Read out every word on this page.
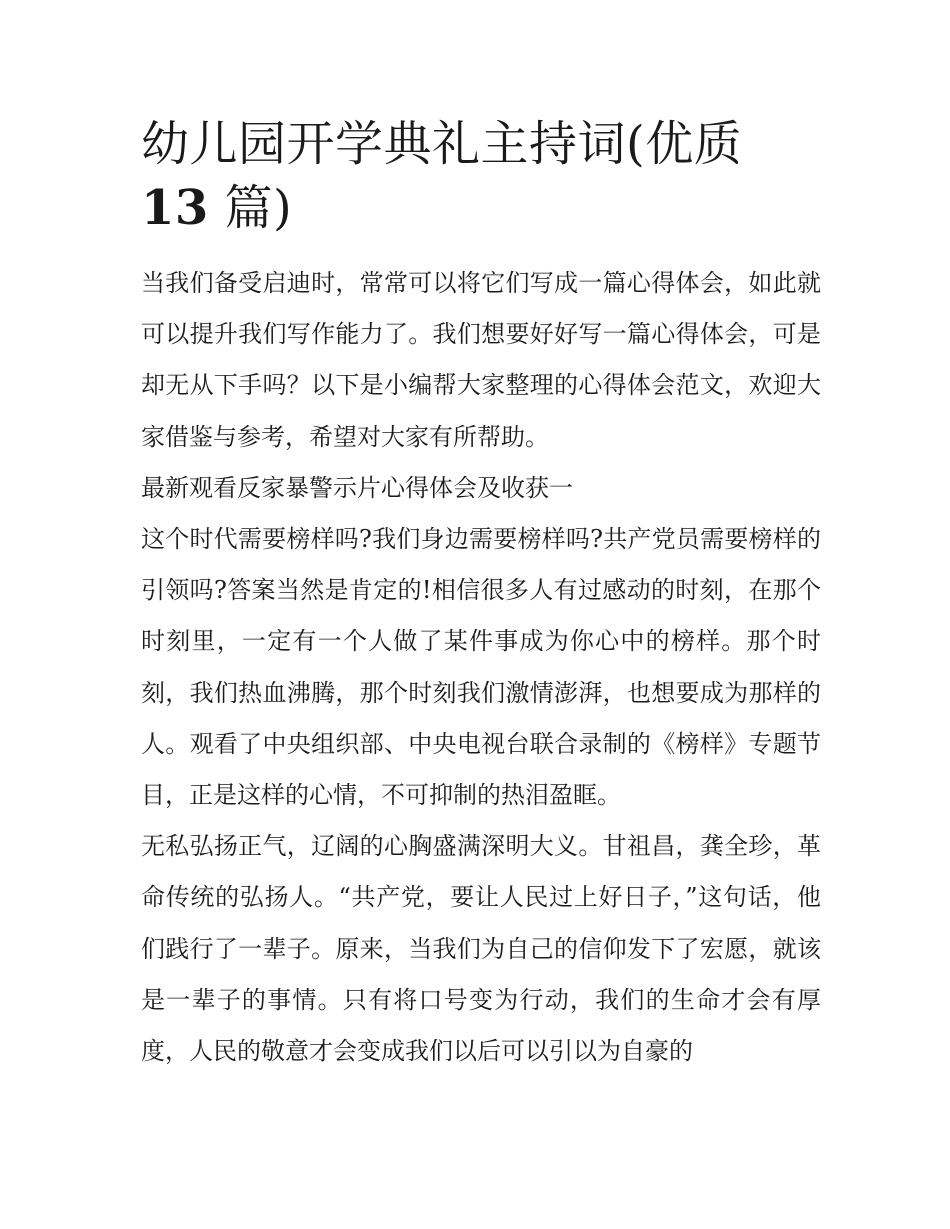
幼儿园开学典礼主持词(优质
13 篇)

当我们备受启迪时，常常可以将它们写成一篇心得体会，如此就可以提升我们写作能力了。我们想要好好写一篇心得体会，可是却无从下手吗？以下是小编帮大家整理的心得体会范文，欢迎大家借鉴与参考，希望对大家有所帮助。

最新观看反家暴警示片心得体会及收获一

这个时代需要榜样吗?我们身边需要榜样吗?共产党员需要榜样的引领吗?答案当然是肯定的!相信很多人有过感动的时刻，在那个时刻里，一定有一个人做了某件事成为你心中的榜样。那个时刻，我们热血沸腾，那个时刻我们激情澎湃，也想要成为那样的人。观看了中央组织部、中央电视台联合录制的《榜样》专题节目，正是这样的心情，不可抑制的热泪盈眶。

无私弘扬正气，辽阔的心胸盛满深明大义。甘祖昌，龚全珍，革命传统的弘扬人。“共产党，要让人民过上好日子，”这句话，他们践行了一辈子。原来，当我们为自己的信仰发下了宏愿，就该是一辈子的事情。只有将口号变为行动，我们的生命才会有厚度，人民的敬意才会变成我们以后可以引以为自豪的
